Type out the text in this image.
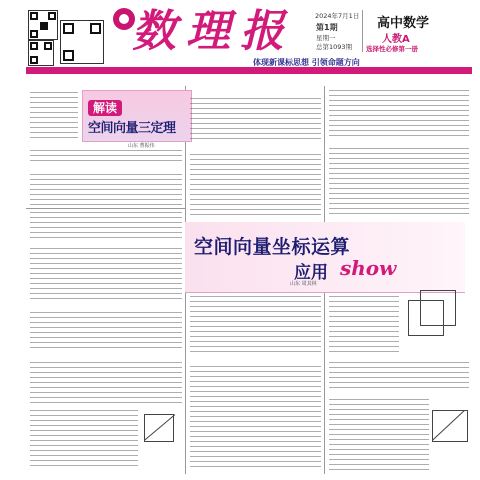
数理报	2024年7月1日
第1期
星期一
总第1093期
高中数学
人教A
选择性必修第一册
体现新课标思想 引领命题方向
解读
空间向量三定理
山东 曹振伟
空间向量坐标运算
应用 show
山东 周其林
